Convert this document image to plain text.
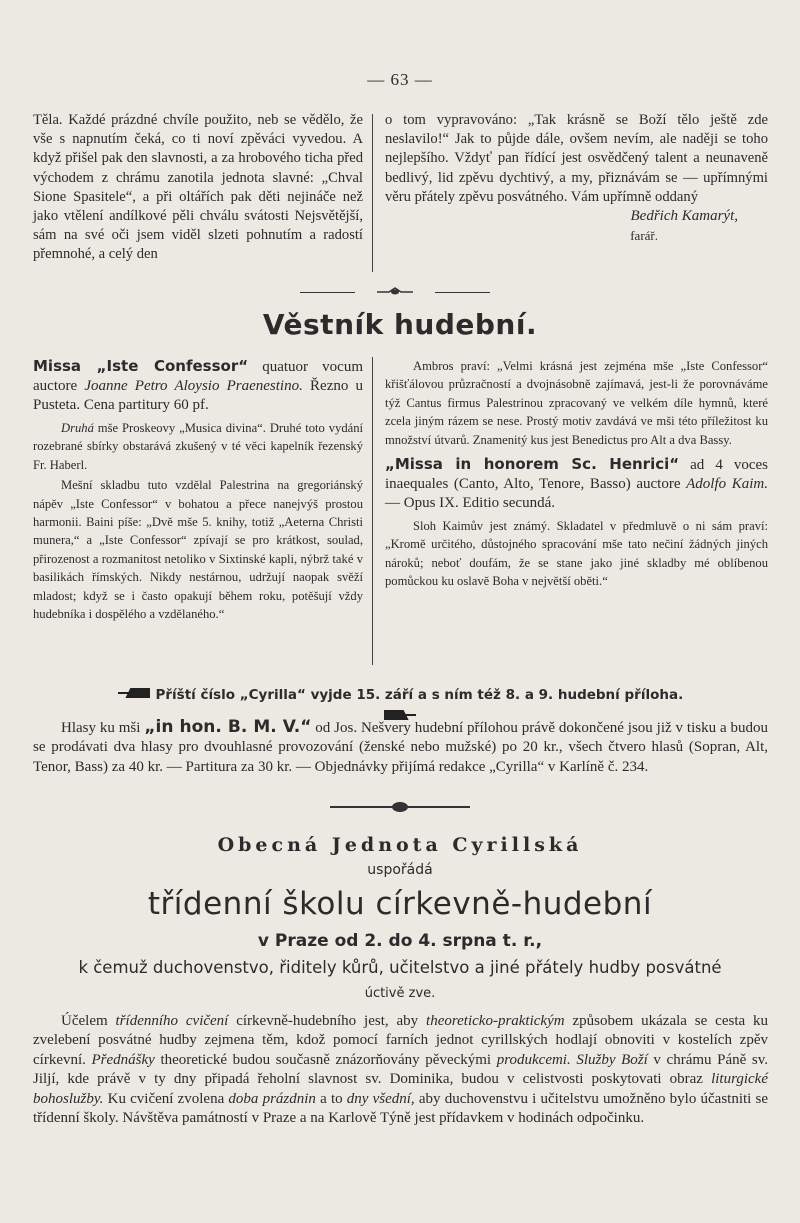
— 63 —

Těla. Každé prázdné chvíle použito, neb se vědělo, že vše s napnutím čeká, co ti noví zpěváci vyvedou. A když přišel pak den slavnosti, a za hrobového ticha před východem z chrámu zanotila jednota slavné: „Chval Sione Spasitele“, a při oltářích pak děti nejináče než jako vtělení andílkové pěli chválu svátosti Nejsvětější, sám na své oči jsem viděl slzeti pohnutím a radostí přemnohé, a celý den

o tom vypravováno: „Tak krásně se Boží tělo ještě zde neslavilo!“ Jak to půjde dále, ovšem nevím, ale naději se toho nejlepšího. Vždyť pan řídící jest osvědčený talent a neunaveně bedlivý, lid zpěvu dychtivý, a my, přiznávám se — upřímnými věru přátely zpěvu posvátného. Vám upřímně oddaný

Bedřich Kamarýt,
farář.
Věstník hudební.
Missa „Iste Confessor“ quatuor vocum auctore Joanne Petro Aloysio Praenestino. Řezno u Pusteta. Cena partitury 60 pf.

Druhá mše Proskeovy „Musica divina“. Druhé toto vydání rozebrané sbírky obstarává zkušený v té věci kapelník řezenský Fr. Haberl.

Mešní skladbu tuto vzdělal Palestrina na gregoriánský nápěv „Iste Confessor“ v bohatou a přece nanejvýš prostou harmonii. Baini píše: „Dvě mše 5. knihy, totiž „Aeterna Christi munera,“ a „Iste Confessor“ zpívají se pro krátkost, soulad, přirozenost a rozmanitost netoliko v Sixtinské kapli, nýbrž také v basilikách římských. Nikdy nestárnou, udržují naopak svěží mladost; když se i často opakují během roku, potěšují vždy hudebníka i dospělého a vzdělaného.“

Ambros praví: „Velmi krásná jest zejména mše „Iste Confessor“ křišťálovou průzračností a dvojnásobně zajímavá, jest-li že porovnáváme týž Cantus firmus Palestrinou zpracovaný ve velkém díle hymnů, které zcela jiným rázem se nese. Prostý motiv zavdává ve mši této příležitost ku množství útvarů. Znamenitý kus jest Benedictus pro Alt a dva Bassy.

„Missa in honorem Sc. Henrici“ ad 4 voces inaequales (Canto, Alto, Tenore, Basso) auctore Adolfo Kaim. — Opus IX. Editio secundá.

Sloh Kaimův jest známý. Skladatel v předmluvě o ni sám praví: „Kromě určitého, důstojného spracování mše tato nečiní žádných jiných nároků; neboť doufám, že se stane jako jiné skladby mé oblíbenou pomůckou ku oslavě Boha v největší oběti.“

Příští číslo „Cyrilla“ vyjde 15. září a s ním též 8. a 9. hudební příloha.

Hlasy ku mši „in hon. B. M. V.“ od Jos. Nešvery hudební přílohou právě dokončené jsou již v tisku a budou se prodávati dva hlasy pro dvouhlasné provozování (ženské nebo mužské) po 20 kr., všech čtvero hlasů (Sopran, Alt, Tenor, Bass) za 40 kr. — Partitura za 30 kr. — Objednávky přijímá redakce „Cyrilla“ v Karlíně č. 234.

Obecná Jednota Cyrillská
uspořádá
třídenní školu církevně-hudební
v Praze od 2. do 4. srpna t. r.,
k čemuž duchovenstvo, řiditely kůrů, učitelstvo a jiné přátely hudby posvátné
úctivě zve.

Účelem třídenního cvičení církevně-hudebního jest, aby theoreticko-praktickým způsobem ukázala se cesta ku zvelebení posvátné hudby zejmena těm, kdož pomocí farních jednot cyrillských hodlají obnoviti v kostelích zpěv církevní. Přednášky theoretické budou současně znázorňovány pěveckými produkcemi. Služby Boží v chrámu Páně sv. Jiljí, kde právě v ty dny připadá řeholní slavnost sv. Dominika, budou v celistvosti poskytovati obraz liturgické bohoslužby. Ku cvičení zvolena doba prázdnin a to dny všední, aby duchovenstvu i učitelstvu umožněno bylo účastniti se třídenní školy. Návštěva památností v Praze a na Karlově Týně jest přídavkem v hodinách odpočinku.
